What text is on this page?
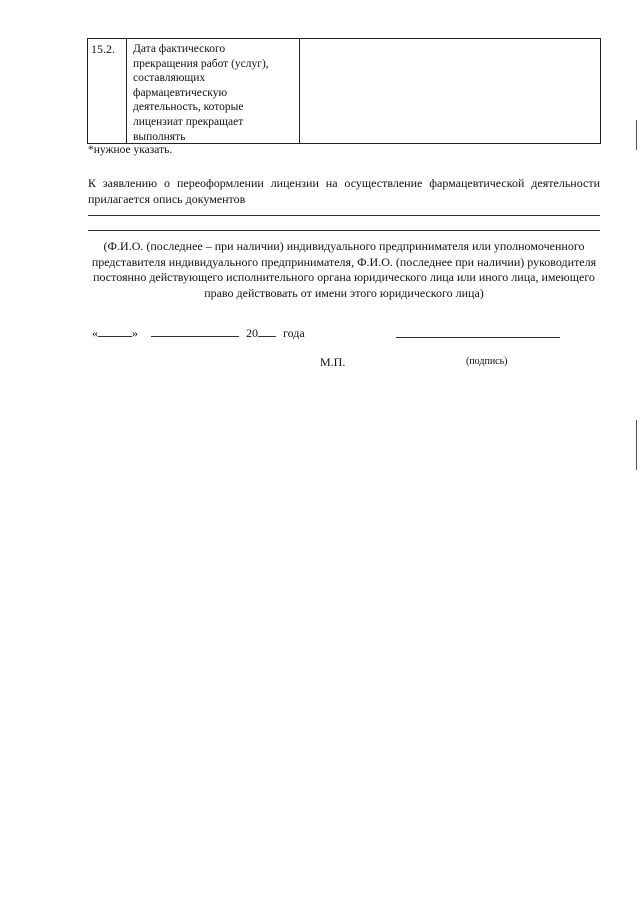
15.2. Дата фактического
прекращения работ (услуг),
составляющих
фармацевтическую
деятельность, которые
лицензиат прекращает
выполнять
*нужное указать.
К заявлению о переоформлении лицензии на осуществление фармацевтической деятельности прилагается опись документов
(Ф.И.О. (последнее – при наличии) индивидуального предпринимателя или уполномоченного представителя индивидуального предпринимателя, Ф.И.О. (последнее при наличии) руководителя постоянно действующего исполнительного органа юридического лица или иного лица, имеющего право действовать от имени этого юридического лица)
«	»	20 года
М.П.	(подпись)
